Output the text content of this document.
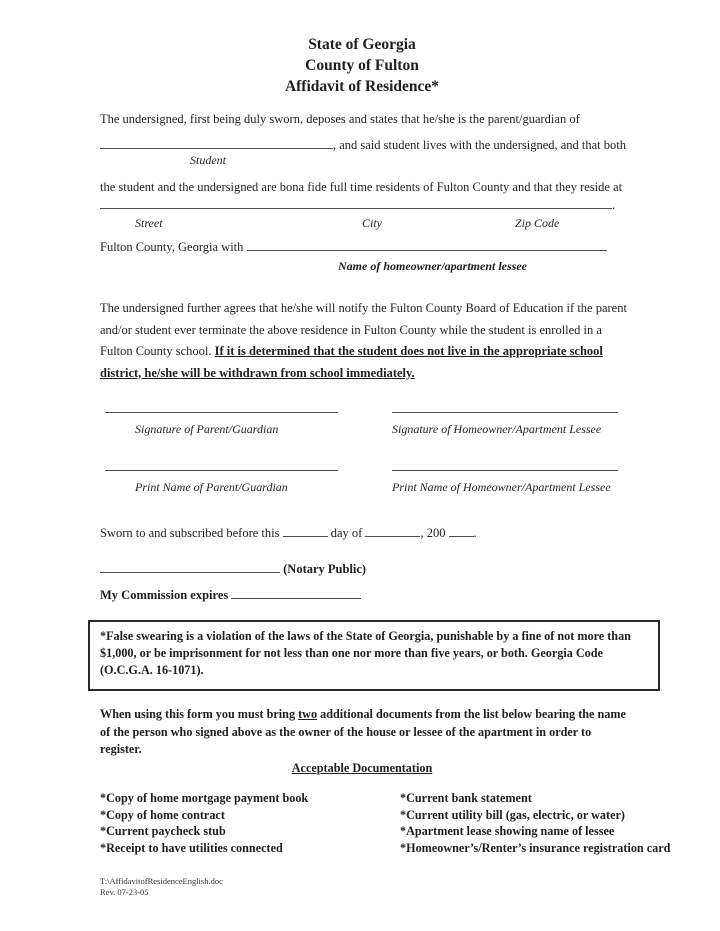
State of Georgia
County of Fulton
Affidavit of Residence*
The undersigned, first being duly sworn, deposes and states that he/she is the parent/guardian of
, and said student lives with the undersigned, and that both
Student
the student and the undersigned are bona fide full time residents of Fulton County and that they reside at
.
Street	City	Zip Code
Fulton County, Georgia with
Name of homeowner/apartment lessee
The undersigned further agrees that he/she will notify the Fulton County Board of Education if the parent and/or student ever terminate the above residence in Fulton County while the student is enrolled in a Fulton County school. If it is determined that the student does not live in the appropriate school district, he/she will be withdrawn from school immediately.
Signature of Parent/Guardian	Signature of Homeowner/Apartment Lessee
Print Name of Parent/Guardian	Print Name of Homeowner/Apartment Lessee
Sworn to and subscribed before this	day of	, 200 .
(Notary Public)
My Commission expires
*False swearing is a violation of the laws of the State of Georgia, punishable by a fine of not more than $1,000, or be imprisonment for not less than one nor more than five years, or both. Georgia Code (O.C.G.A. 16-1071).
When using this form you must bring two additional documents from the list below bearing the name of the person who signed above as the owner of the house or lessee of the apartment in order to register.
Acceptable Documentation
*Copy of home mortgage payment book
*Copy of home contract
*Current paycheck stub
*Receipt to have utilities connected
*Current bank statement
*Current utility bill (gas, electric, or water)
*Apartment lease showing name of lessee
*Homeowner’s/Renter’s insurance registration card
T:\AffidavitofResidenceEnglish.doc
Rev. 07-23-05
